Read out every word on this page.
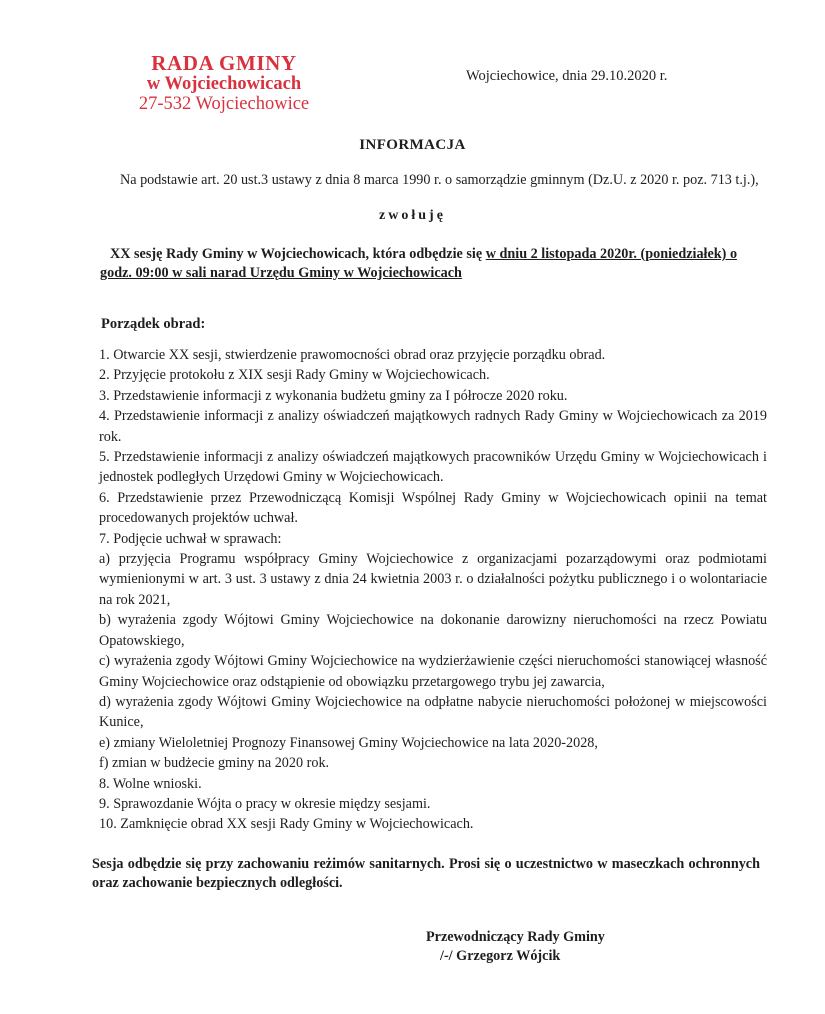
RADA GMINY
w Wojciechowicach
27-532 Wojciechowice
Wojciechowice, dnia 29.10.2020 r.
INFORMACJA
Na podstawie art. 20 ust.3 ustawy z dnia 8 marca 1990 r. o samorządzie gminnym (Dz.U. z 2020 r. poz. 713 t.j.),
zwołuję
XX sesję Rady Gminy w Wojciechowicach, która odbędzie się w dniu 2 listopada 2020r. (poniedziałek) o godz. 09:00 w sali narad Urzędu Gminy w Wojciechowicach
Porządek obrad:
1. Otwarcie XX sesji, stwierdzenie prawomocności obrad oraz przyjęcie porządku obrad.
2. Przyjęcie protokołu z XIX sesji Rady Gminy w Wojciechowicach.
3. Przedstawienie informacji z wykonania budżetu gminy za I półrocze 2020 roku.
4. Przedstawienie informacji z analizy oświadczeń majątkowych radnych Rady Gminy w Wojciechowicach za 2019 rok.
5. Przedstawienie informacji z analizy oświadczeń majątkowych pracowników Urzędu Gminy w Wojciechowicach i jednostek podległych Urzędowi Gminy w Wojciechowicach.
6. Przedstawienie przez Przewodniczącą Komisji Wspólnej Rady Gminy w Wojciechowicach opinii na temat procedowanych projektów uchwał.
7. Podjęcie uchwał w sprawach:
a) przyjęcia Programu współpracy Gminy Wojciechowice z organizacjami pozarządowymi oraz podmiotami wymienionymi w art. 3 ust. 3 ustawy z dnia 24 kwietnia 2003 r. o działalności pożytku publicznego i o wolontariacie na rok 2021,
b) wyrażenia zgody Wójtowi Gminy Wojciechowice na dokonanie darowizny nieruchomości na rzecz Powiatu Opatowskiego,
c) wyrażenia zgody Wójtowi Gminy Wojciechowice na wydzierżawienie części nieruchomości stanowiącej własność Gminy Wojciechowice oraz odstąpienie od obowiązku przetargowego trybu jej zawarcia,
d) wyrażenia zgody Wójtowi Gminy Wojciechowice na odpłatne nabycie nieruchomości położonej w miejscowości Kunice,
e) zmiany Wieloletniej Prognozy Finansowej Gminy Wojciechowice na lata 2020-2028,
f) zmian w budżecie gminy na 2020 rok.
8. Wolne wnioski.
9. Sprawozdanie Wójta o pracy w okresie między sesjami.
10. Zamknięcie obrad XX sesji Rady Gminy w Wojciechowicach.
Sesja odbędzie się przy zachowaniu reżimów sanitarnych. Prosi się o uczestnictwo w maseczkach ochronnych oraz zachowanie bezpiecznych odległości.
Przewodniczący Rady Gminy
/-/ Grzegorz Wójcik
